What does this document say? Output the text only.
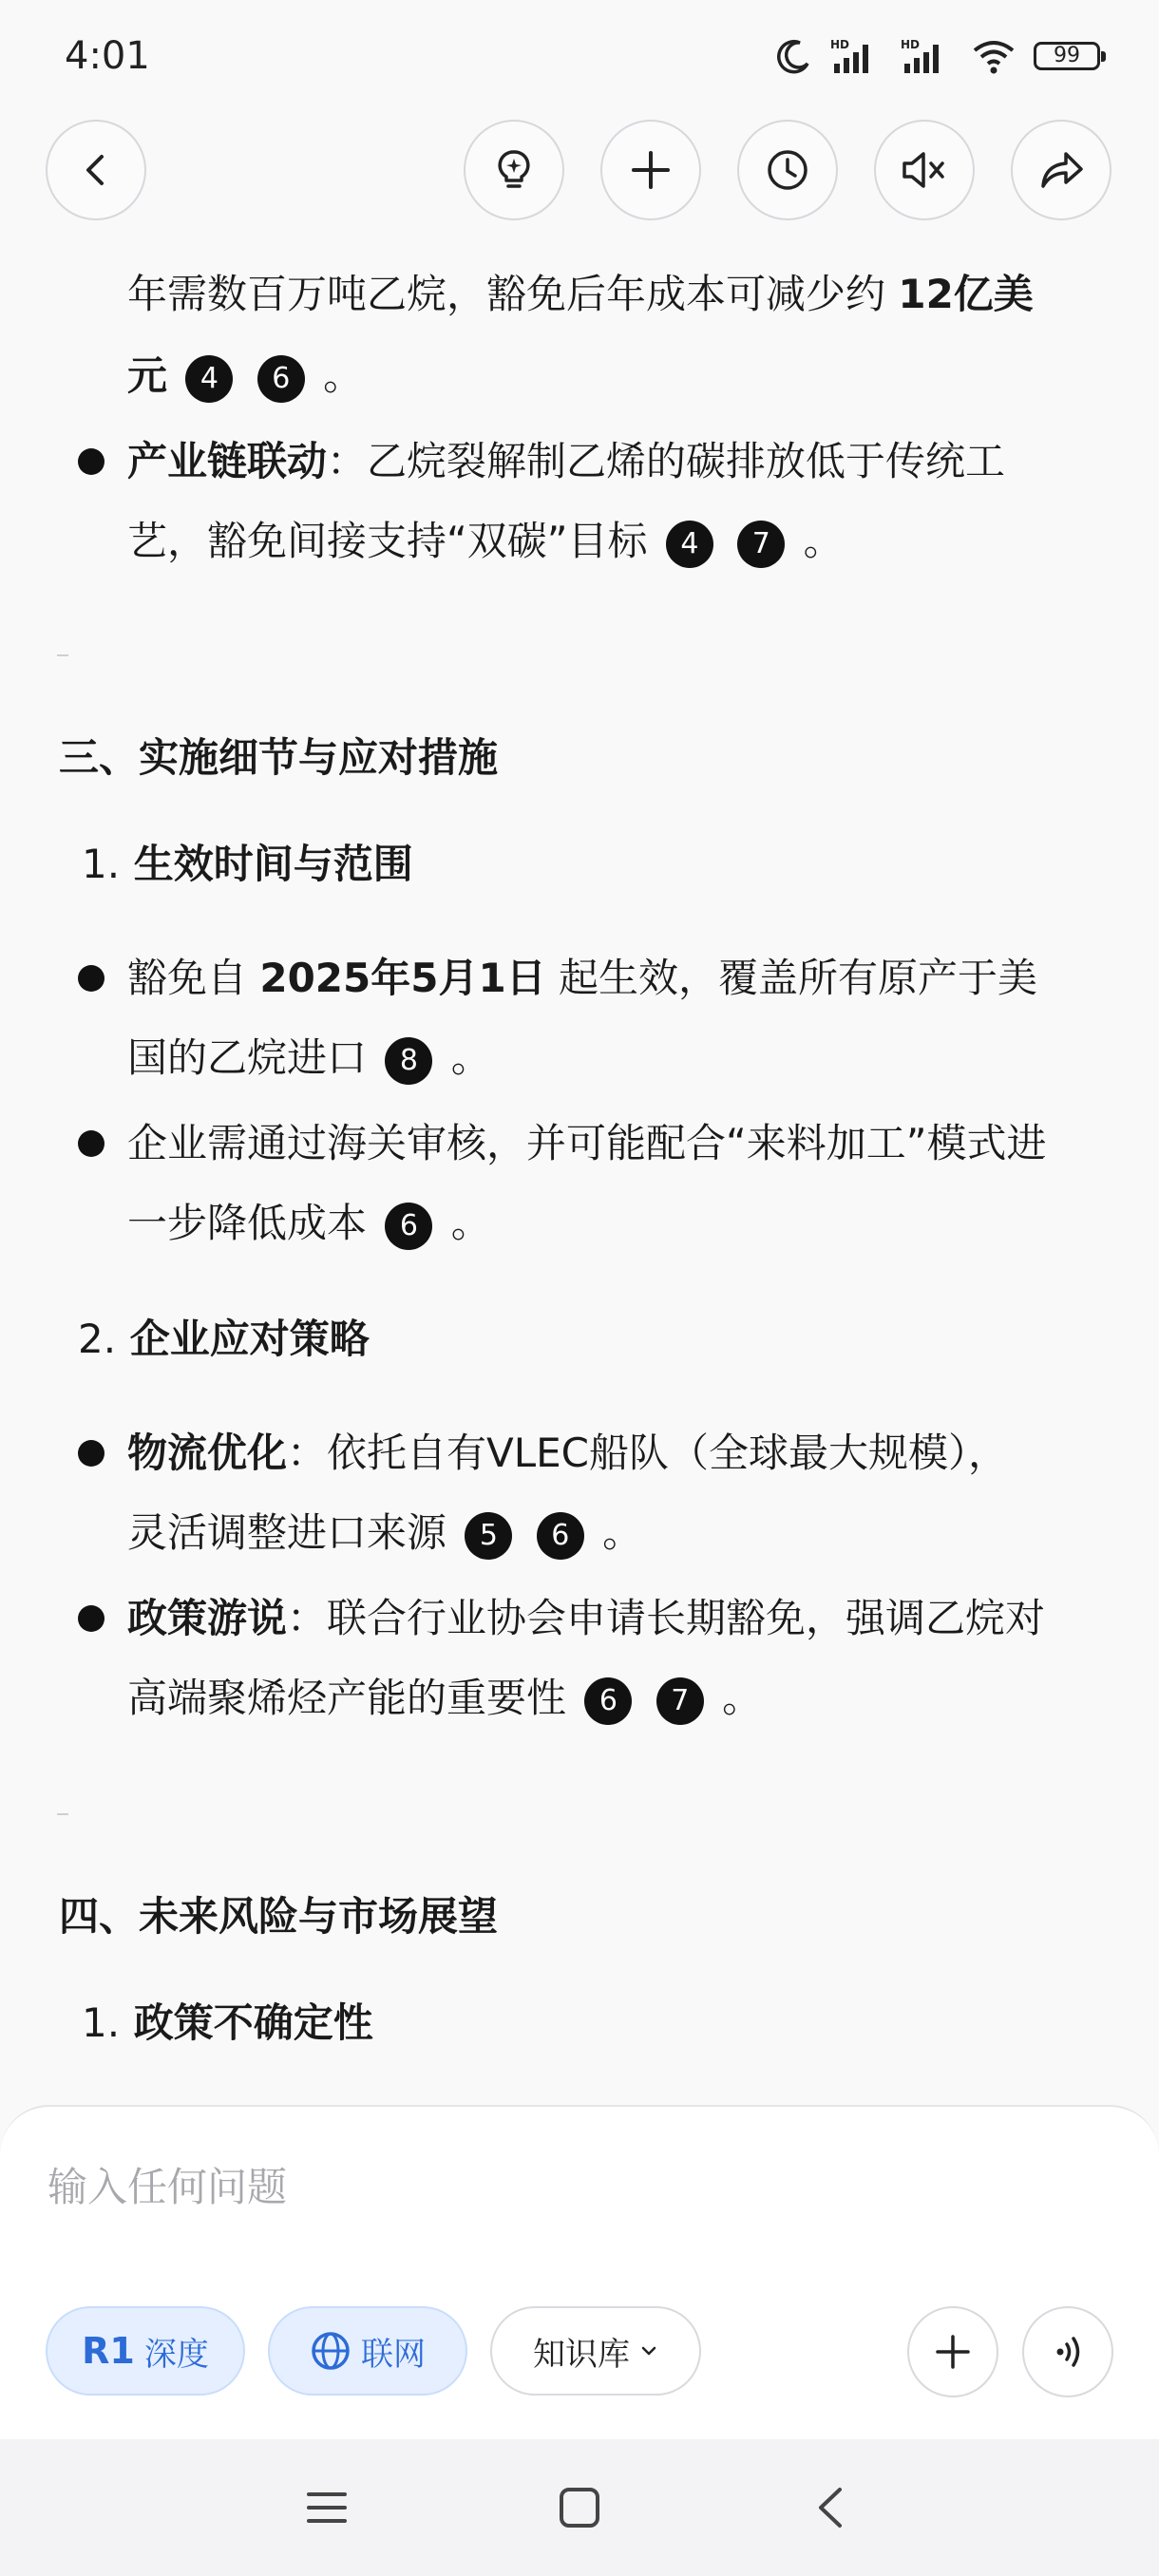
4:01	HD	HD	99
年需数百万吨乙烷，豁免后年成本可减少约 12亿美
元 4 6 。
产业链联动：乙烷裂解制乙烯的碳排放低于传统工
艺，豁免间接支持“双碳”目标 4 7 。
三、实施细节与应对措施
1. 生效时间与范围
豁免自 2025年5月1日 起生效，覆盖所有原产于美
国的乙烷进口 8 。
企业需通过海关审核，并可能配合“来料加工”模式进
一步降低成本 6 。
2. 企业应对策略
物流优化：依托自有VLEC船队（全球最大规模），
灵活调整进口来源 5 6 。
政策游说：联合行业协会申请长期豁免，强调乙烷对
高端聚烯烃产能的重要性 6 7 。
四、未来风险与市场展望
1. 政策不确定性
输入任何问题
R1 深度	联网	知识库
